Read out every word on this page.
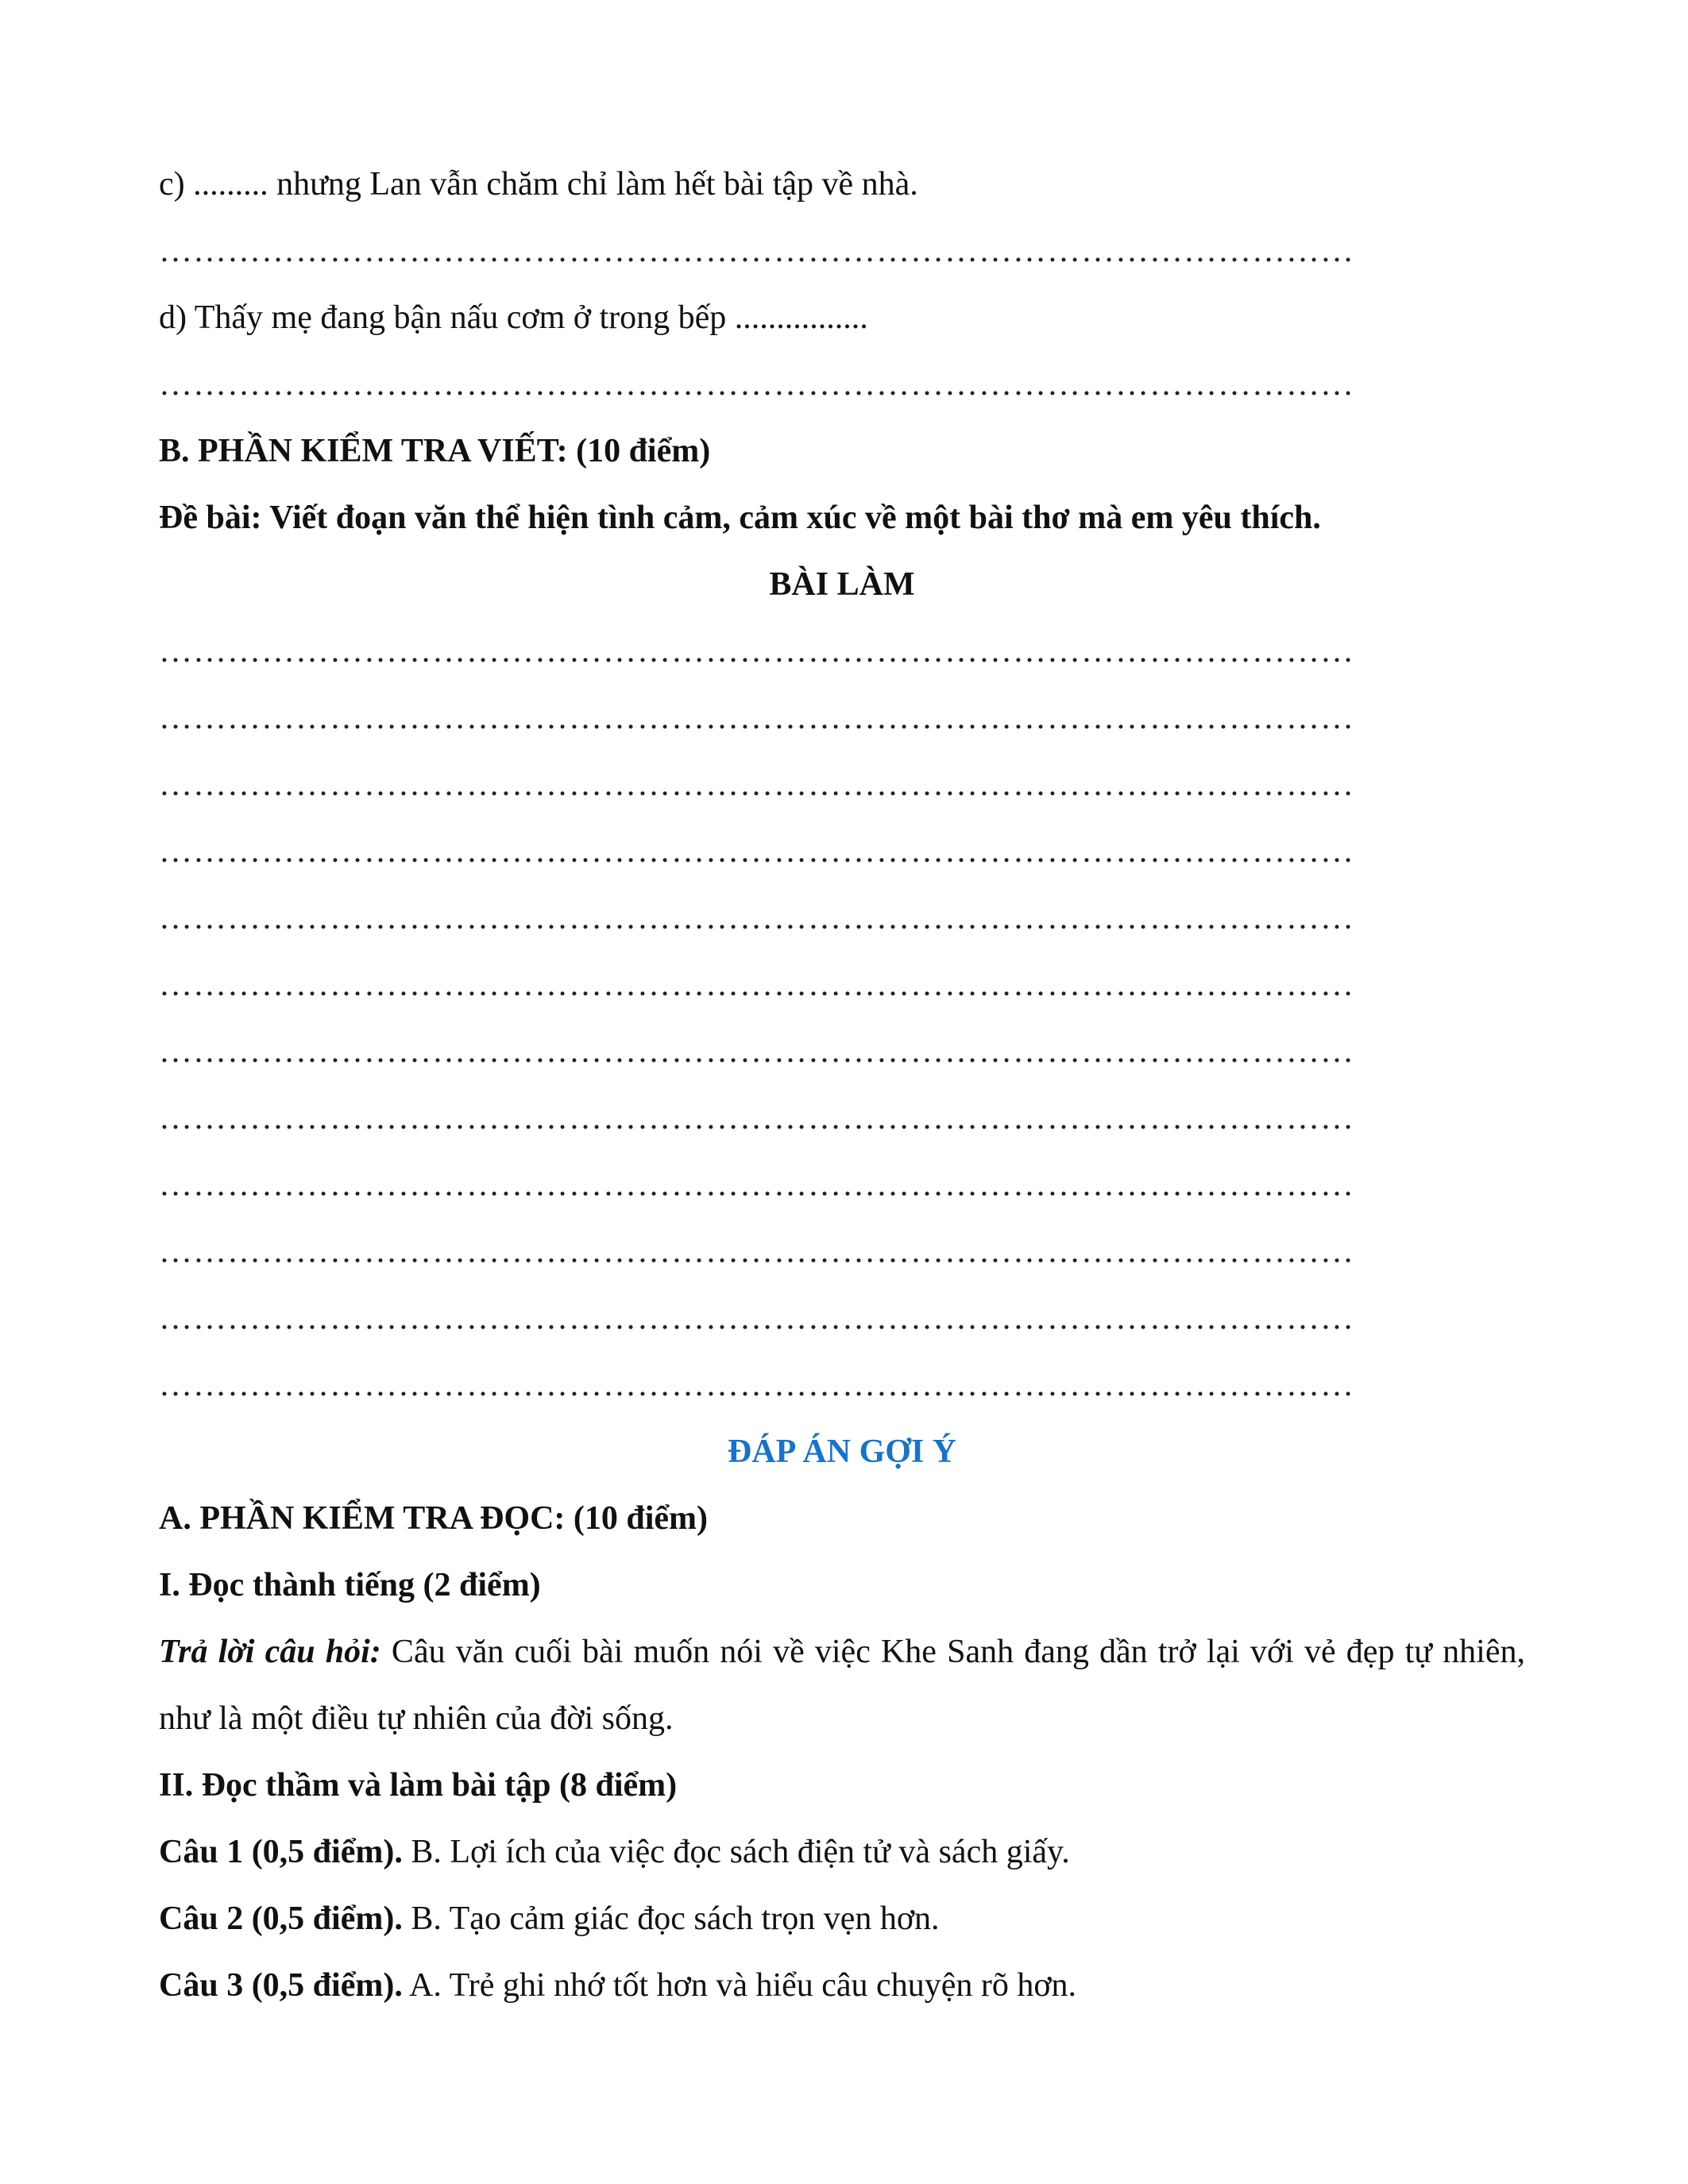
c) ......... nhưng Lan vẫn chăm chỉ làm hết bài tập về nhà.
……………………………………………………………………………………………
d) Thấy mẹ đang bận nấu cơm ở trong bếp ................
……………………………………………………………………………………………
B. PHẦN KIỂM TRA VIẾT: (10 điểm)
Đề bài: Viết đoạn văn thể hiện tình cảm, cảm xúc về một bài thơ mà em yêu thích.
BÀI LÀM
……………………………………………………………………………………………
……………………………………………………………………………………………
……………………………………………………………………………………………
……………………………………………………………………………………………
……………………………………………………………………………………………
……………………………………………………………………………………………
……………………………………………………………………………………………
……………………………………………………………………………………………
……………………………………………………………………………………………
……………………………………………………………………………………………
……………………………………………………………………………………………
……………………………………………………………………………………………
ĐÁP ÁN GỢI Ý
A. PHẦN KIỂM TRA ĐỌC: (10 điểm)
I. Đọc thành tiếng (2 điểm)
Trả lời câu hỏi: Câu văn cuối bài muốn nói về việc Khe Sanh đang dần trở lại với vẻ đẹp tự nhiên, như là một điều tự nhiên của đời sống.
II. Đọc thầm và làm bài tập (8 điểm)
Câu 1 (0,5 điểm). B. Lợi ích của việc đọc sách điện tử và sách giấy.
Câu 2 (0,5 điểm). B. Tạo cảm giác đọc sách trọn vẹn hơn.
Câu 3 (0,5 điểm). A. Trẻ ghi nhớ tốt hơn và hiểu câu chuyện rõ hơn.
